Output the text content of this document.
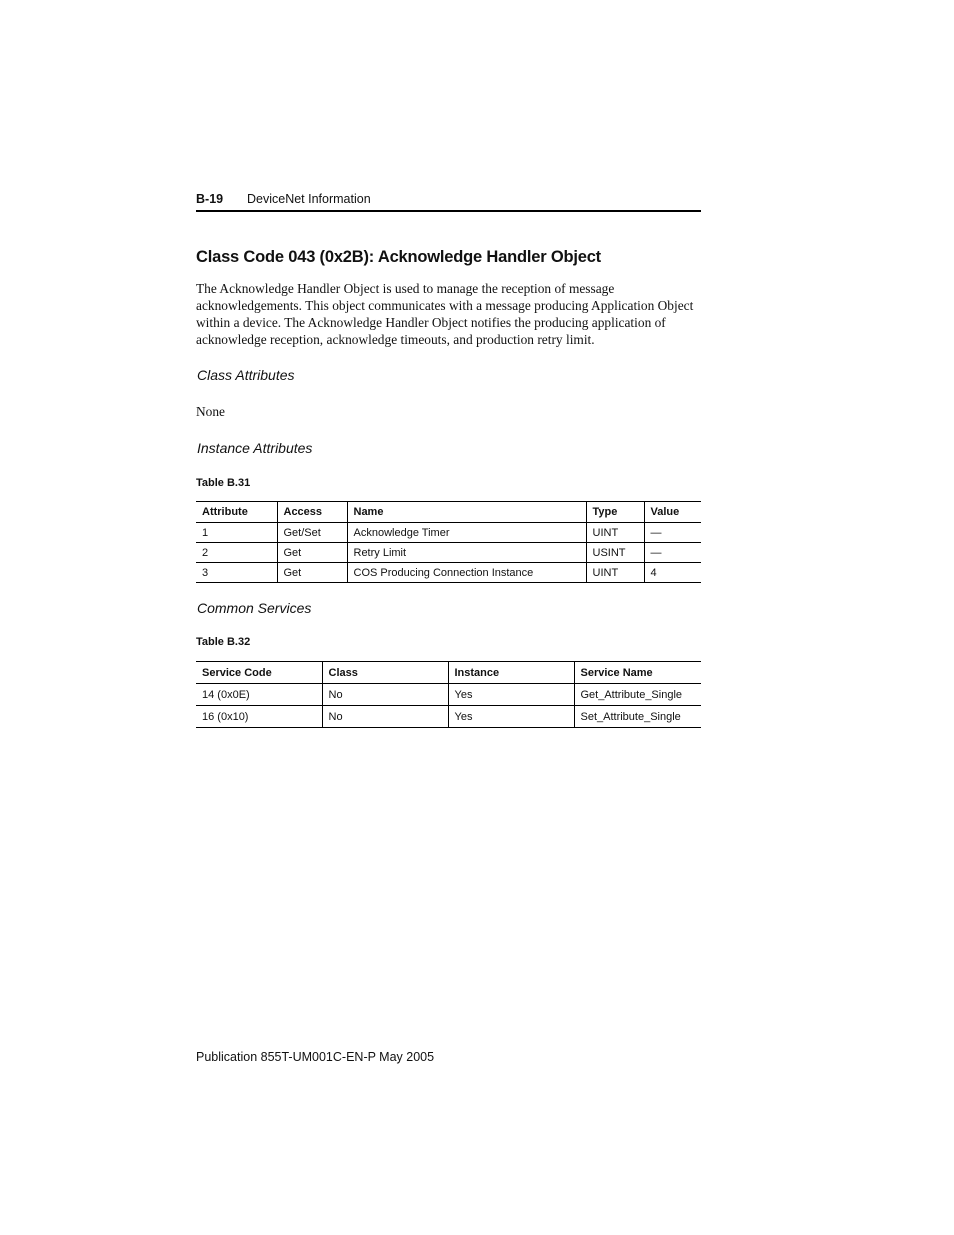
B-19 DeviceNet Information
Class Code 043 (0x2B): Acknowledge Handler Object

The Acknowledge Handler Object is used to manage the reception of message

acknowledgements. This object communicates with a message producing Application Object

within a device. The Acknowledge Handler Object notifies the producing application of

acknowledge reception, acknowledge timeouts, and production retry limit.

Class Attributes
None
Instance Attributes
Table B.31
Attribute	Access	Name	Type	Value
1	Get/Set	Acknowledge Timer	UINT	—
2	Get	Retry Limit	USINT	—
3	Get	COS Producing Connection Instance	UINT	4
Common Services
Table B.32
Service Code	Class	Instance	Service Name
14 (0x0E)	No	Yes	Get_Attribute_Single
16 (0x10)	No	Yes	Set_Attribute_Single
Publication 855T-UM001C-EN-P May 2005
